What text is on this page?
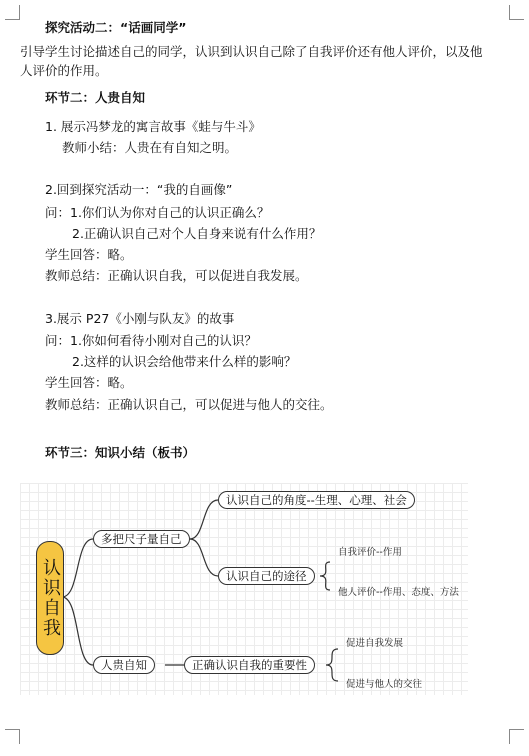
探究活动二：“话画同学”
引导学生讨论描述自己的同学，认识到认识自己除了自我评价还有他人评价，以及他
人评价的作用。
环节二：人贵自知
1. 展示冯梦龙的寓言故事《蛙与牛斗》
教师小结：人贵在有自知之明。
2.回到探究活动一：“我的自画像”
问：1.你们认为你对自己的认识正确么？
2.正确认识自己对个人自身来说有什么作用？
学生回答：略。
教师总结：正确认识自我，可以促进自我发展。
3.展示 P27《小刚与队友》的故事
问：1.你如何看待小刚对自己的认识？
2.这样的认识会给他带来什么样的影响？
学生回答：略。
教师总结：正确认识自己，可以促进与他人的交往。
环节三：知识小结（板书）
认识自我
多把尺子量自己
认识自己的角度--生理、心理、社会
认识自己的途径
自我评价--作用
他人评价--作用、态度、方法
人贵自知	正确认识自我的重要性
促进自我发展
促进与他人的交往
